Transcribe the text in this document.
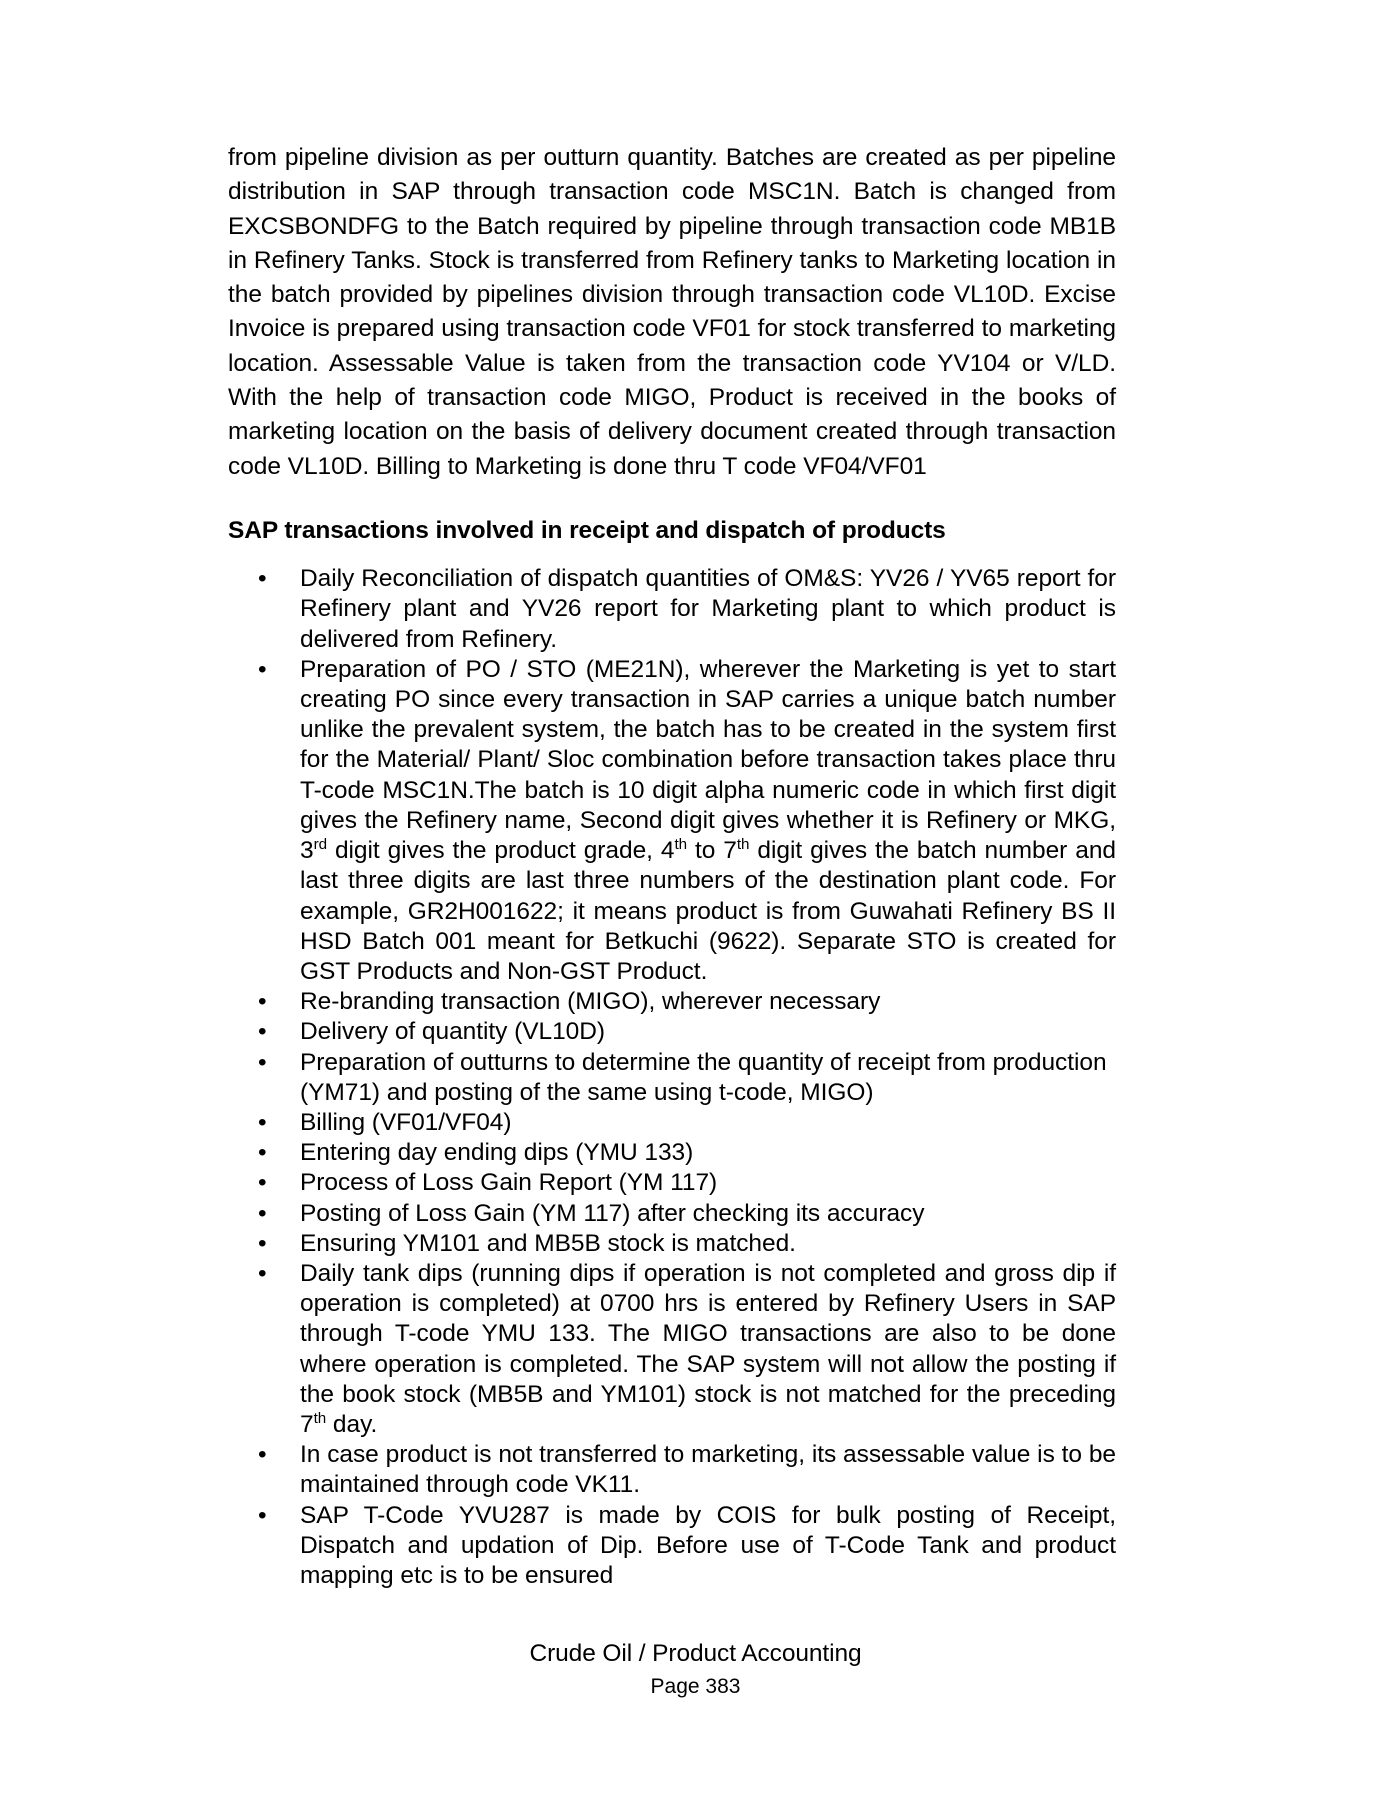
from pipeline division as per outturn quantity. Batches are created as per pipeline distribution in SAP through transaction code MSC1N. Batch is changed from EXCSBONDFG to the Batch required by pipeline through transaction code MB1B in Refinery Tanks. Stock is transferred from Refinery tanks to Marketing location in the batch provided by pipelines division through transaction code VL10D. Excise Invoice is prepared using transaction code VF01 for stock transferred to marketing location. Assessable Value is taken from the transaction code YV104 or V/LD. With the help of transaction code MIGO, Product is received in the books of marketing location on the basis of delivery document created through transaction code VL10D. Billing to Marketing is done thru T code VF04/VF01

SAP transactions involved in receipt and dispatch of products
• Daily Reconciliation of dispatch quantities of OM&S: YV26 / YV65 report for Refinery plant and YV26 report for Marketing plant to which product is delivered from Refinery.
• Preparation of PO / STO (ME21N), wherever the Marketing is yet to start creating PO since every transaction in SAP carries a unique batch number unlike the prevalent system, the batch has to be created in the system first for the Material/ Plant/ Sloc combination before transaction takes place thru T-code MSC1N.The batch is 10 digit alpha numeric code in which first digit gives the Refinery name, Second digit gives whether it is Refinery or MKG, 3rd digit gives the product grade, 4th to 7th digit gives the batch number and last three digits are last three numbers of the destination plant code. For example, GR2H001622; it means product is from Guwahati Refinery BS II HSD Batch 001 meant for Betkuchi (9622). Separate STO is created for GST Products and Non-GST Product.
• Re-branding transaction (MIGO), wherever necessary
• Delivery of quantity (VL10D)
• Preparation of outturns to determine the quantity of receipt from production (YM71) and posting of the same using t-code, MIGO)
• Billing (VF01/VF04)
• Entering day ending dips (YMU 133)
• Process of Loss Gain Report (YM 117)
• Posting of Loss Gain (YM 117) after checking its accuracy
• Ensuring YM101 and MB5B stock is matched.
• Daily tank dips (running dips if operation is not completed and gross dip if operation is completed) at 0700 hrs is entered by Refinery Users in SAP through T-code YMU 133. The MIGO transactions are also to be done where operation is completed. The SAP system will not allow the posting if the book stock (MB5B and YM101) stock is not matched for the preceding 7th day.
• In case product is not transferred to marketing, its assessable value is to be maintained through code VK11.
• SAP T-Code YVU287 is made by COIS for bulk posting of Receipt, Dispatch and updation of Dip. Before use of T-Code Tank and product mapping etc is to be ensured
Crude Oil / Product Accounting
Page 383
